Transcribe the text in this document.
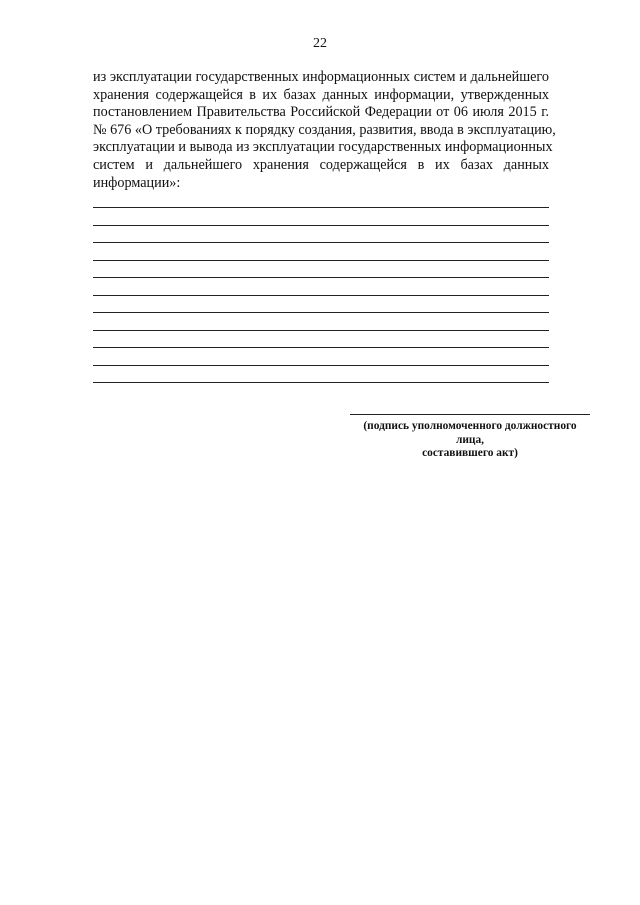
22
из эксплуатации государственных информационных систем и дальнейшего
хранения содержащейся в их базах данных информации, утвержденных
постановлением Правительства Российской Федерации от 06 июля 2015 г.
№ 676 «О требованиях к порядку создания, развития, ввода в эксплуатацию,
эксплуатации и вывода из эксплуатации государственных информационных
систем и дальнейшего хранения содержащейся в их базах данных
информации»:
(подпись уполномоченного должностного лица,
составившего акт)
